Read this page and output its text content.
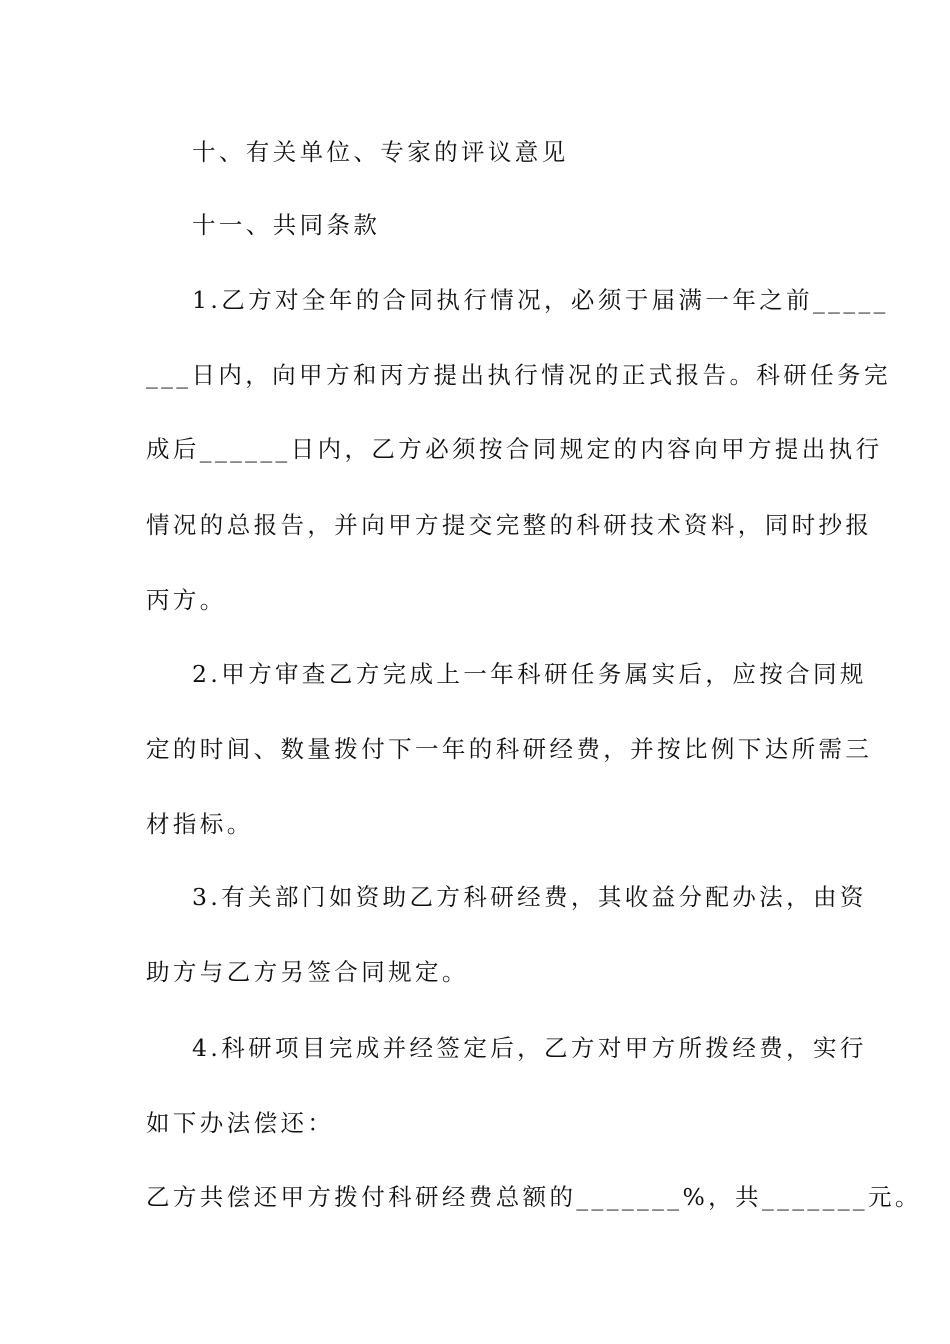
十、有关单位、专家的评议意见
十一、共同条款
1.乙方对全年的合同执行情况，必须于届满一年之前_____
___日内，向甲方和丙方提出执行情况的正式报告。科研任务完
成后______日内，乙方必须按合同规定的内容向甲方提出执行
情况的总报告，并向甲方提交完整的科研技术资料，同时抄报
丙方。
2.甲方审查乙方完成上一年科研任务属实后，应按合同规
定的时间、数量拨付下一年的科研经费，并按比例下达所需三
材指标。
3.有关部门如资助乙方科研经费，其收益分配办法，由资
助方与乙方另签合同规定。
4.科研项目完成并经签定后，乙方对甲方所拨经费，实行
如下办法偿还：
乙方共偿还甲方拨付科研经费总额的_______%，共_______元。
